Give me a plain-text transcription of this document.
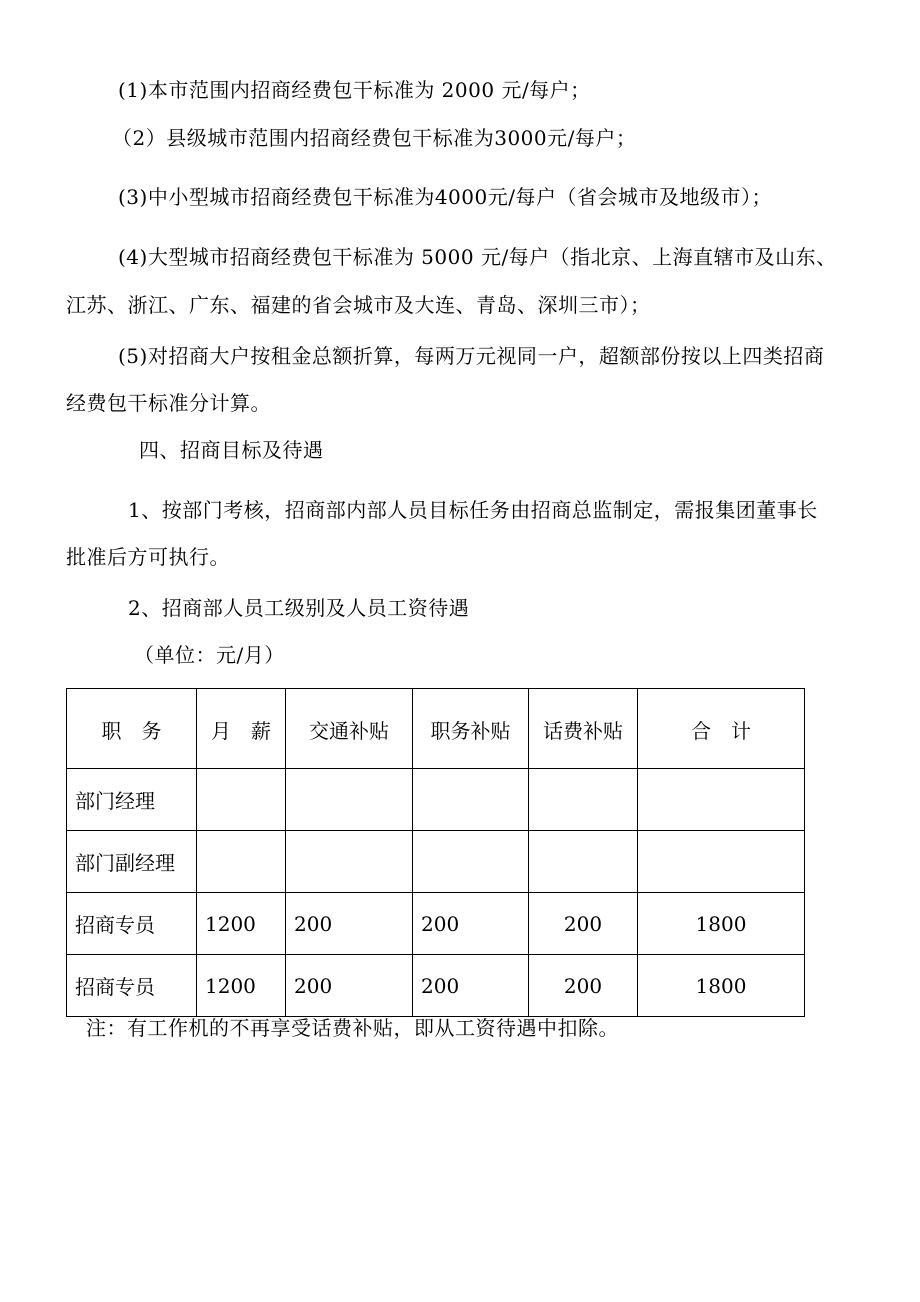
(1)本市范围内招商经费包干标准为 2000 元/每户；
（2）县级城市范围内招商经费包干标准为3000元/每户；
(3)中小型城市招商经费包干标准为4000元/每户（省会城市及地级市）；
(4)大型城市招商经费包干标准为 5000 元/每户（指北京、上海直辖市及山东、
江苏、浙江、广东、福建的省会城市及大连、青岛、深圳三市）；
(5)对招商大户按租金总额折算，每两万元视同一户，超额部份按以上四类招商
经费包干标准分计算。
四、招商目标及待遇
1、按部门考核，招商部内部人员目标任务由招商总监制定，需报集团董事长
批准后方可执行。
2、招商部人员工级别及人员工资待遇
（单位：元/月）
职　务	月　薪	交通补贴	职务补贴	话费补贴	合　计
部门经理					
部门副经理					
招商专员	1200	200	200	200	1800
招商专员	1200	200	200	200	1800
注：有工作机的不再享受话费补贴，即从工资待遇中扣除。
